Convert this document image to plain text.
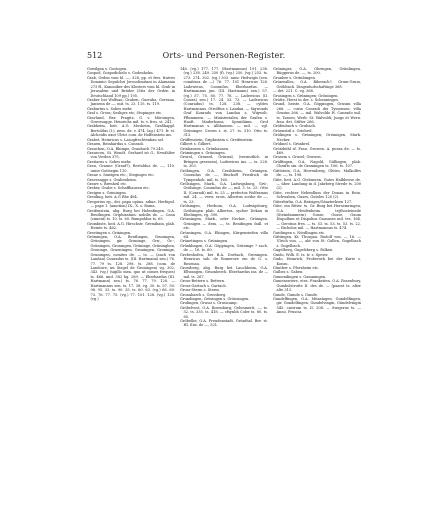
512	Orts- und Personen-Register.

Gowilgan s. Gostogen.

Gospod, Gospodickelo s. Godenholm.

Grab, Orden vom hl. —, 328, pp. et fres. fratres Dominici Sepulchri Jerosolimitani in Alamania 273 ff., Kanoniker des Klosters vom hl. Grab in Jerusalem und Brüder (Sitz der Orden in Deutschland 109 pp.) 195.

Graber bei Wolfsau, Graben, Gurraba, Gerrana, Jansenn de —, mit. ts. 23. 115. ts. 119.

Grabartus s. Sobes mehr.

Graf s. Gross; Sesliges etc; Stupinges etc.

Gravlund, Ber. Pragitz, G. v. Mörsingen, Gravesagge. Heinrichs mil. ts. v. fres. st. 241.

Grabheim, heit. A.G. Mosheim, Graßkappl. Bertoldus (I.), ness. de. v. 474. (ag.) 471. fr. st. Alcheidis uxor Ulrici com. de Hoffenstein ins.

Grabst. Heinricus s. Lasogfrechtenbau sel.

Grauen, Reinhardus s. Conradi.

Grauchen, O.A. Rhimpe, Graubuch 79.240.

Grauecen, St. Wendt. Gerhard ist G., Erwählter von Verden 375.

Gratiarus s. Sobes mehr.

Grau, Graune (Grauf?), Bertoldus de. —, 110. unior Gottsegin 110.

Graue s. Smeigen etc.; Steginges etc.

Gravesagge s. Grabenheim.

Grawe s. Brenheil etc.

Greber, Grabe s. Schaffhausen etc.

Greigen s. Grimingen.

Greiding, heit. A.G Rhe 484.

Gregorius ep., dei. papa opüns. adiue. Herbipol. — pape 1. (amotion) IX., X. s. Roma.

Greifenstein, abg. Burg bei Holenfingen, O.A. Reutlingen. Griphinstain. nobilis de. — Conn (ciment) ts. 10. ts. 60. Rumpoldus ts. 65.

Grombiste, heit. A.G. Hirschstr. Gremibain, plab. Heinte ts. 462.

Grestingen s. Griningen.

Grömingen, O.A. Reutlingen, Gruningen, Grüningen, gir. Gruninge, Grn-, Gr.-, Grüningen, Groningen, Grüninge, Grüninghen, Groninge, Grueningen, Gruningen, Groninge, Gruningen, comites de. — ts. — (auch von Landau) Cunradus ts. (III. Hartmann) sen.) 76. 77. 79 ts. 128. 298. ts. 288. (com. de Landowe, im Siegel de Groningen) vg. 302. 343. (vg.) (sigillo mea. quo ut comes freques) ts. 466. und. 382 hg. 289. — Eberhardus (III. Hartmann) sen.) ts. 76. 77. 79. 128. — Hartmannus sen. ts. 17. 38. vg. 30. ts. 57. 50. 98. 95. 33. ts. 90. 35. ts. 60. 63. (vg.) 68. 69. 73. 76. 77. 75. (vg.) 77. 101. 128. (vg.) 128. (vg.)

148. (vg.) 177. 177. (Hartmannus) 191. 238. (vg.) 238. 249. 250 (f). (vg.) 250. (vg.) 253. ts. 273. 274. 302. (vg.) 303. nunc Hedwigis (sen. comitissa de —) 76. 77. 101 Henricus 128. Ladewieus, Conradus, Eberhardus. — Hartmannus jun. (III. Hartmann) sen.) 57. (vg.) 57. 75. 80. 77. 76. — Ladewicus (II. Comes) sen.) 17. 24. 33. 73. — Ladewicus (Conradus) ts. 128. 238. — cylites Hartmannus. Otrolftus s. Landau. — Sigwonds Graf Konrads von Landau s. Wigwolt. Pflummern. — Ministerialen der Grafen s. Haoft. Maderhoms, Spraidiinm. Grof Hartmanus s. Albhausen. — mil. — vgl. Grüninger. Crown s. st. 27. ts. 310. Otto ts. 313.

Grüffenstein, Griphistain s. Greifenstein.

Gilbert s. Gilbert.

Grinhausen s. Grünhausen.

Grümingen s. Grüningen.

Griwol, Griuwel, Grinwal, (vermutlich in Bringen gesessen), Ludewicus ins. — ts. 228. ts. 303.

Gröbingen, O.A. Crailsheim, Grünigen, Conradus de —, Bischoff Friedrich de Tympenhob. mil. ts. 160.

Grölsingen, Mark., O.A. Ludwigsburg, Grü-, Grölsinge, Conradus de —, mil. 3. ts. 25. Otto II. (Conradi) mil. ts. 25 — prefectus Wolframus mil. 24. — verw. erois. Albertus scribe de —, ts. 23.

Grölsingen, Herbom, O.A. Ludwigsburg, Grölsingen plab. Albertus, sycher Dekan in Ehelingen, vg. 390.

Grönsingen, Mark., oder Necker., Grünigen. Grünigen — dem. —, ts. Rendingen fadl. et etc.

Grönsingen, O.A. Ehingen, Kürgenrieden villa 64.

Grünetingen s. Grüningen.

Grünklingen, O.A. Göppingen, Grüninge ? sach. de —, 16. ts. 60.

Grebeshofen, bei B.A. Dorbach, Greningen. Henricus sub. de Romersee ein de G. s. Rosenau.

Grossberg, abg. Burg bei Lauchheim, O.A. Ellwangen, Gruonberch. Eberhardus ins. de — mil. ts. 267.

Gross-Bettern s. Bettern.

Gross-Gartach s. Gartach.

Gross-Sterm s. Sterm.

Gronabarch s. Grossberg.

Grundingen, Grösingen s. Grönsingen.

Grulingen, Grussi s. Grusicamp.

Gröbelvost, O.A. Rosenburg, Gelonmerit, —, ts. 52. ts. 335. ts. 418. — cfsynbh Coler ts. 80. ts. 85.

Gröbelbe, O.A. Freudenstadt, Grünthal. Ber. st. Hl. Eus. de —, 521.

Gröninger, O.A. Öhringen, Grünlingen. Rüggerus de. —, ts. 200.

Grunbre s. Grünbingen.

Grünwalles, O.A. Biberach?, Grum-Gruin, Gröbbach. Dingenhofschaftinge 368.

— det. 221. C. vg. 368.

Grusingen s. Grüningen; Gröningen.

Grütte, Herst in der. s. Schenninges.

Grund, heiste. O.A. Göppingen, Grusim villa 266. — curia Conradi dei Tyssensen. villa Grusim 266. — mil. Walvoldo H. Canrado mil. ts. Tassen, Werb. St. Walvoldi; Jungs et Wern. frau. det. Stifter 266.

Grüfenbach s. Grubach.

Grüenstril s. Griebrel.

Grülingen s. Grüningen; Grönnigen, Mark. Necker.

Grühnel s. Grünbrel.

Grötzbühl sf. Frau. Gruwen. A. pueza de. — ts. 469.

Grusem s. Grusel; Gruwen.

Grülfingen, O.A. Nagold, Güllingen, plab. Chrafts sin. de Gramingen ts. 106. ts. 107.

Güttstein, O.A. Herrenberg, Glütes. Malkolfes de. —, ts. 198.

Güte, heit. A.G. Gtsbueren, Gutes Halbbrose de. — über. Landung in d. Jahrberg Strede ts. 200 (2).

Güte, rechter Nebenfluss der Donau in Rein. Schwaben, Guses, Gutoles 120 (2).

Güterbirlin, O.A. Bräsiges/Gänzterksen 127.

Güte, ein Ritter. ts. Gr. Burg bei Hersemringen, O.A. Heidenheim. tejthosteinede (Steindammern) Gusse, Gusse, Guum Dispollum et Dispolius Gausases mil. tes. 164. — Gerstius fres. — ts. 53. ts. 53. ts. 53. ts. 22. — Richolus mil. — Hartmannus ts. 474.

Gutdingen s. Nördlingen etc.

Güttingen, Kt. Thurgau. Rudolf von. — 16. — Ulrich von. —, abt von St. Gallen, Gugelbach s. Gugelbach.

Gugelberg, Gugelsberg s. Falken.

Guido, Wilh. E. ts. tr. s. Speier.

Gudo, Heinrich, Probevork bei der Kurie s. Konsu.

Günther s. Pforzheim etc.

Gulbes s. Gaben.

Gumendingen s. Gammingen.

Gumenswiere, etes. Frankeiten, O.A. Rosenbury, Gumbolstrutte II. des de. — (paarst ts. alter alte 313.

Gunde, Gumde s. Gunde.

Gundelfingen, O.A. Münsingen, Gundelfingen, gir. Gundelfingen, Gundelvingin, Gündelvingin 545. castrum ts. II. 208. — Swigerus ts. — Anno, Pruscia
